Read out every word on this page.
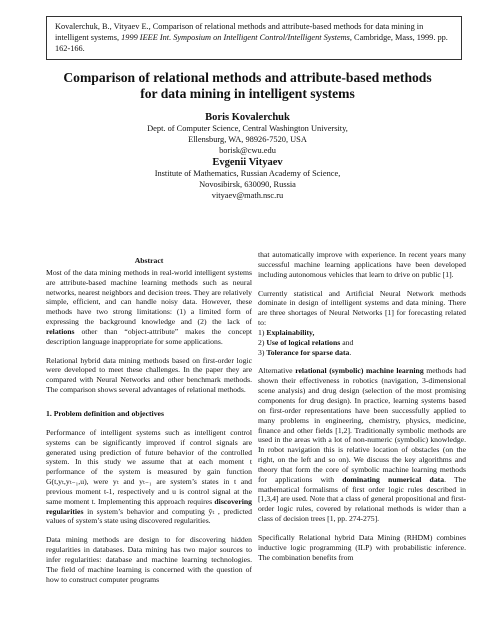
Kovalerchuk, B., Vityaev E., Comparison of relational methods and attribute-based methods for data mining in intelligent systems, 1999 IEEE Int. Symposium on Intelligent Control/Intelligent Systems, Cambridge, Mass, 1999. pp. 162-166.
Comparison of relational methods and attribute-based methods
for data mining in intelligent systems
Boris Kovalerchuk
Dept. of Computer Science, Central Washington University,
Ellensburg, WA, 98926-7520, USA
borisk@cwu.edu
Evgenii Vityaev
Institute of Mathematics, Russian Academy of Science,
Novosibirsk, 630090, Russia
vityaev@math.nsc.ru

Abstract

Most of the data mining methods in real-world intelligent systems are attribute-based machine learning methods such as neural networks, nearest neighbors and decision trees. They are relatively simple, efficient, and can handle noisy data. However, these methods have two strong limitations: (1) a limited form of expressing the background knowledge and (2) the lack of relations other than “object-attribute” makes the concept description language inappropriate for some applications.

Relational hybrid data mining methods based on first-order logic were developed to meet these challenges. In the paper they are compared with Neural Networks and other benchmark methods. The comparison shows several advantages of relational methods.

1. Problem definition and objectives

Performance of intelligent systems such as intelligent control systems can be significantly improved if control signals are generated using prediction of future behavior of the controlled system. In this study we assume that at each moment t performance of the system is measured by gain function G(t,yₜ,yₜ₋₁,u), were yₜ and yₜ₋₁ are system’s states in t and previous moment t-1, respectively and u is control signal at the same moment t. Implementing this approach requires discovering regularities in system’s behavior and computing ŷₜ , predicted values of system’s state using discovered regularities.

Data mining methods are design to for discovering hidden regularities in databases. Data mining has two major sources to infer regularities: database and machine learning technologies. The field of machine learning is concerned with the question of how to construct computer programs

that automatically improve with experience. In recent years many successful machine learning applications have been developed including autonomous vehicles that learn to drive on public [1].

Currently statistical and Artificial Neural Network methods dominate in design of intelligent systems and data mining. There are three shortages of Neural Networks [1] for forecasting related to:

1) Explainability,
2) Use of logical relations and
3) Tolerance for sparse data.

Alternative relational (symbolic) machine learning methods had shown their effectiveness in robotics (navigation, 3-dimensional scene analysis) and drug design (selection of the most promising components for drug design). In practice, learning systems based on first-order representations have been successfully applied to many problems in engineering, chemistry, physics, medicine, finance and other fields [1,2]. Traditionally symbolic methods are used in the areas with a lot of non-numeric (symbolic) knowledge. In robot navigation this is relative location of obstacles (on the right, on the left and so on). We discuss the key algorithms and theory that form the core of symbolic machine learning methods for applications with dominating numerical data. The mathematical formalisms of first order logic rules described in [1,3,4] are used. Note that a class of general propositional and first-order logic rules, covered by relational methods is wider than a class of decision trees [1, pp. 274-275].

Specifically Relational hybrid Data Mining (RHDM) combines inductive logic programming (ILP) with probabilistic inference. The combination benefits from
